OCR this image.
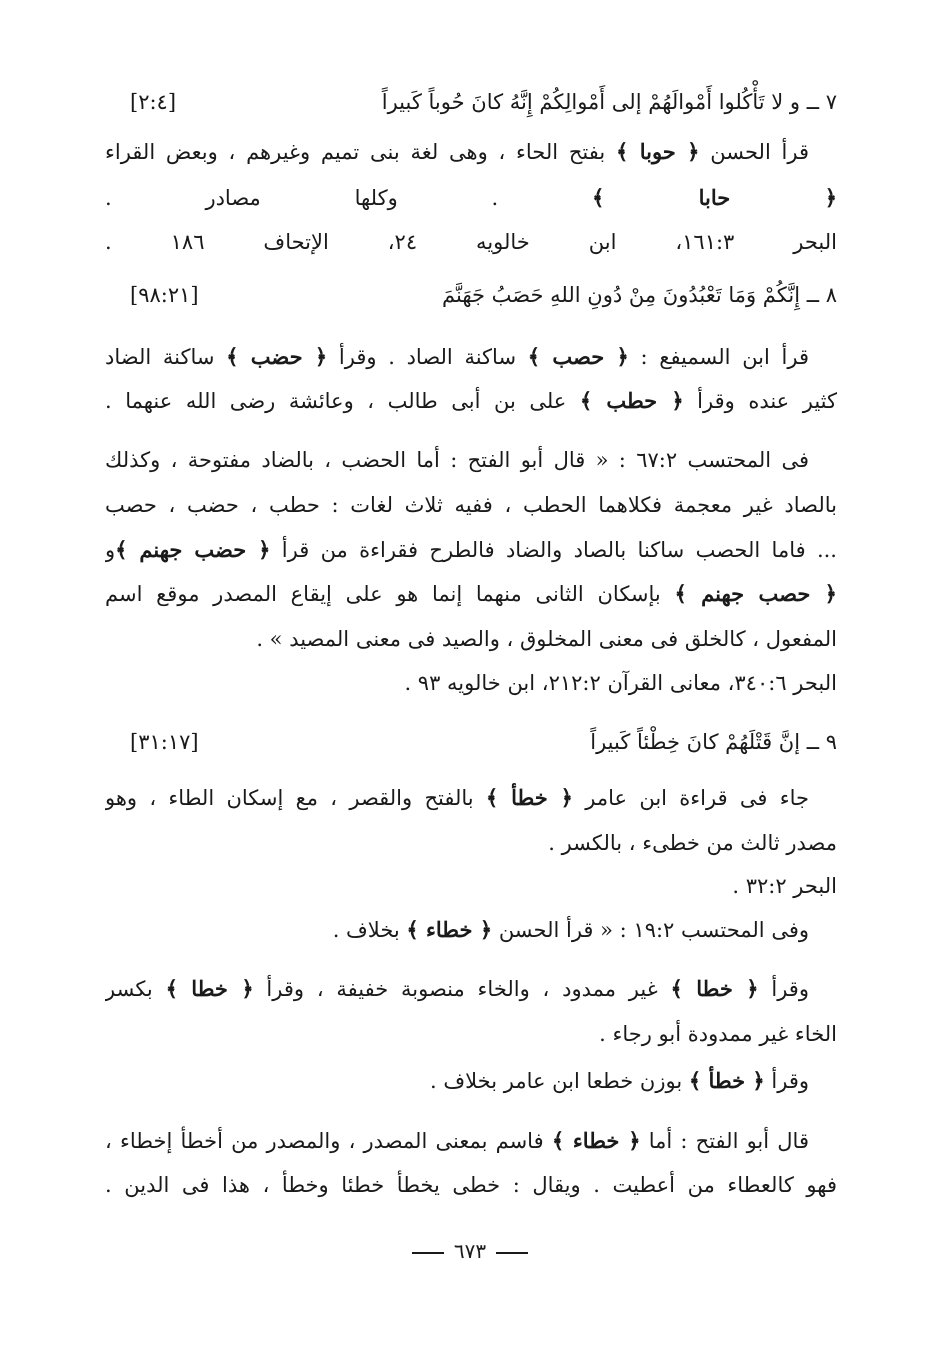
٧ ــ و لا تَأْكُلوا أَمْوالَهُمْ إلى أَمْوالِكُمْ إِنَّهُ كانَ حُوباً كَبيراً
[٢:٤]
قرأ الحسن ﴿ حوبا ﴾ بفتح الحاء ، وهى لغة بنى تميم وغيرهم ، وبعض القراء
﴿ حابا ﴾ . وكلها مصادر .
البحر ١٦١:٣، ابن خالويه ٢٤، الإتحاف ١٨٦ .
٨ ــ إِنَّكُمْ وَمَا تَعْبُدُونَ مِنْ دُونِ اللهِ حَصَبُ جَهَنَّمَ
[٩٨:٢١]
قرأ ابن السميفع : ﴿ حصب ﴾ ساكنة الصاد . وقرأ ﴿ حضب ﴾ ساكنة الضاد
كثير عنده وقرأ ﴿ حطب ﴾ على بن أبى طالب ، وعائشة رضى الله عنهما .
فى المحتسب ٦٧:٢ : « قال أبو الفتح : أما الحضب ، بالضاد مفتوحة ، وكذلك
بالصاد غير معجمة فكلاهما الحطب ، ففيه ثلاث لغات : حطب ، حضب ، حصب
... فاما الحصب ساكنا بالصاد والضاد فالطرح فقراءة من قرأ ﴿ حضب جهنم ﴾و
﴿ حصب جهنم ﴾ بإسكان الثانى منهما إنما هو على إيقاع المصدر موقع اسم
المفعول ، كالخلق فى معنى المخلوق ، والصيد فى معنى المصيد » .
البحر ٣٤٠:٦، معانى القرآن ٢١٢:٢، ابن خالويه ٩٣ .
٩ ــ إنَّ قَتْلَهُمْ كانَ خِطْئاً كَبيراً
[٣١:١٧]
جاء فى قراءة ابن عامر ﴿ خطأ ﴾ بالفتح والقصر ، مع إسكان الطاء ، وهو
مصدر ثالث من خطىء ، بالكسر .
البحر ٣٢:٢ .
وفى المحتسب ١٩:٢ : « قرأ الحسن ﴿ خطاء ﴾ بخلاف .
وقرأ ﴿ خطا ﴾ غير ممدود ، والخاء منصوبة خفيفة ، وقرأ ﴿ خطا ﴾ بكسر
الخاء غير ممدودة أبو رجاء .
وقرأ ﴿ خطأ ﴾ بوزن خطعا ابن عامر بخلاف .
قال أبو الفتح : أما ﴿ خطاء ﴾ فاسم بمعنى المصدر ، والمصدر من أخطأ إخطاء ،
فهو كالعطاء من أعطيت . ويقال : خطى يخطأ خطئا وخطأ ، هذا فى الدين .
٦٧٣
